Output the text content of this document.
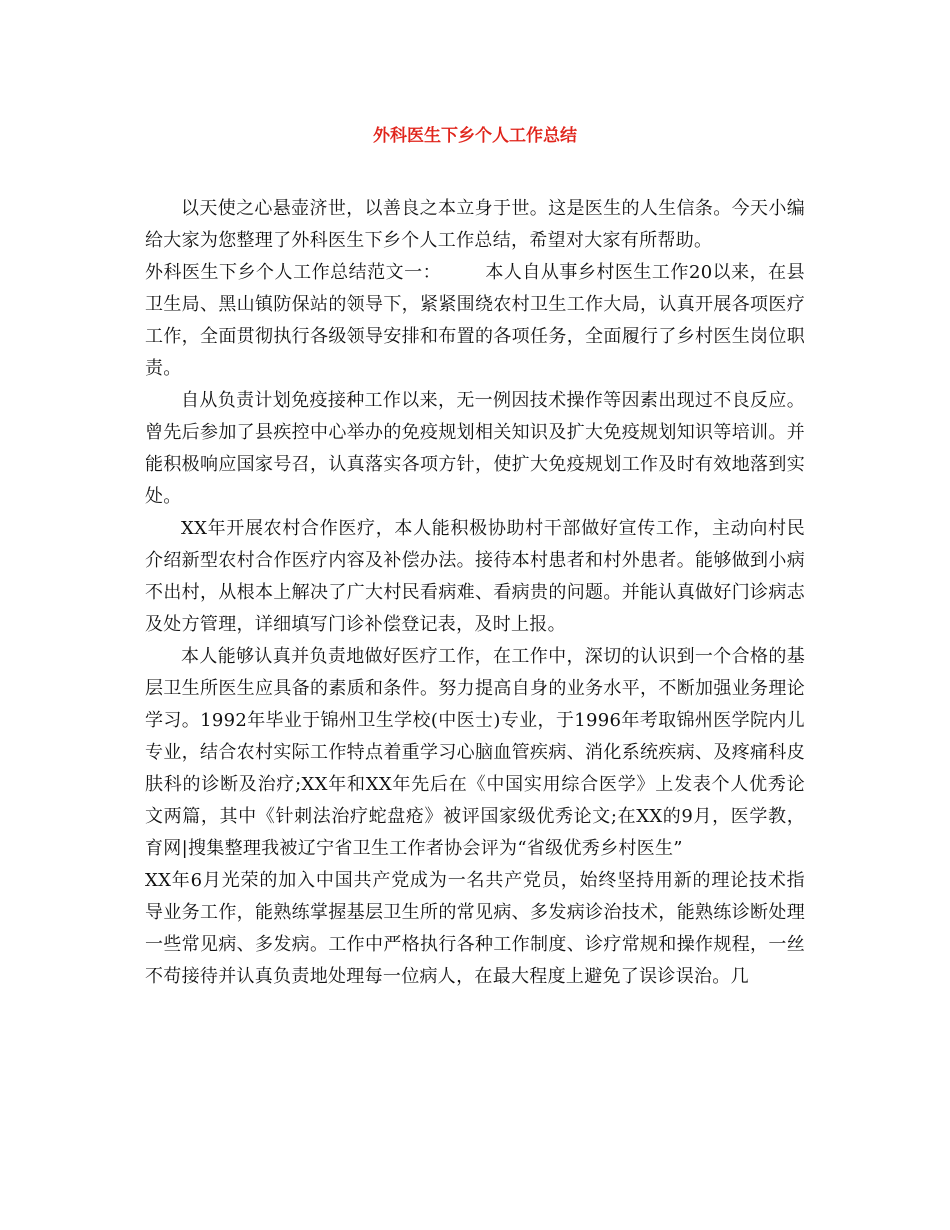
外科医生下乡个人工作总结

以天使之心悬壶济世，以善良之本立身于世。这是医生的人生信条。今天小编给大家为您整理了外科医生下乡个人工作总结，希望对大家有所帮助。

外科医生下乡个人工作总结范文一： 本人自从事乡村医生工作20以来，在县卫生局、黑山镇防保站的领导下，紧紧围绕农村卫生工作大局，认真开展各项医疗工作，全面贯彻执行各级领导安排和布置的各项任务，全面履行了乡村医生岗位职责。

自从负责计划免疫接种工作以来，无一例因技术操作等因素出现过不良反应。曾先后参加了县疾控中心举办的免疫规划相关知识及扩大免疫规划知识等培训。并能积极响应国家号召，认真落实各项方针，使扩大免疫规划工作及时有效地落到实处。

XX年开展农村合作医疗，本人能积极协助村干部做好宣传工作，主动向村民介绍新型农村合作医疗内容及补偿办法。接待本村患者和村外患者。能够做到小病不出村，从根本上解决了广大村民看病难、看病贵的问题。并能认真做好门诊病志及处方管理，详细填写门诊补偿登记表，及时上报。

本人能够认真并负责地做好医疗工作，在工作中，深切的认识到一个合格的基层卫生所医生应具备的素质和条件。努力提高自身的业务水平，不断加强业务理论学习。1992年毕业于锦州卫生学校(中医士)专业，于1996年考取锦州医学院内儿专业，结合农村实际工作特点着重学习心脑血管疾病、消化系统疾病、及疼痛科皮肤科的诊断及治疗;XX年和XX年先后在《中国实用综合医学》上发表个人优秀论文两篇，其中《针刺法治疗蛇盘疮》被评国家级优秀论文;在XX的9月，医学教，育网|搜集整理我被辽宁省卫生工作者协会评为“省级优秀乡村医生”

XX年6月光荣的加入中国共产党成为一名共产党员，始终坚持用新的理论技术指导业务工作，能熟练掌握基层卫生所的常见病、多发病诊治技术，能熟练诊断处理一些常见病、多发病。工作中严格执行各种工作制度、诊疗常规和操作规程，一丝不苟接待并认真负责地处理每一位病人，在最大程度上避免了误诊误治。几
